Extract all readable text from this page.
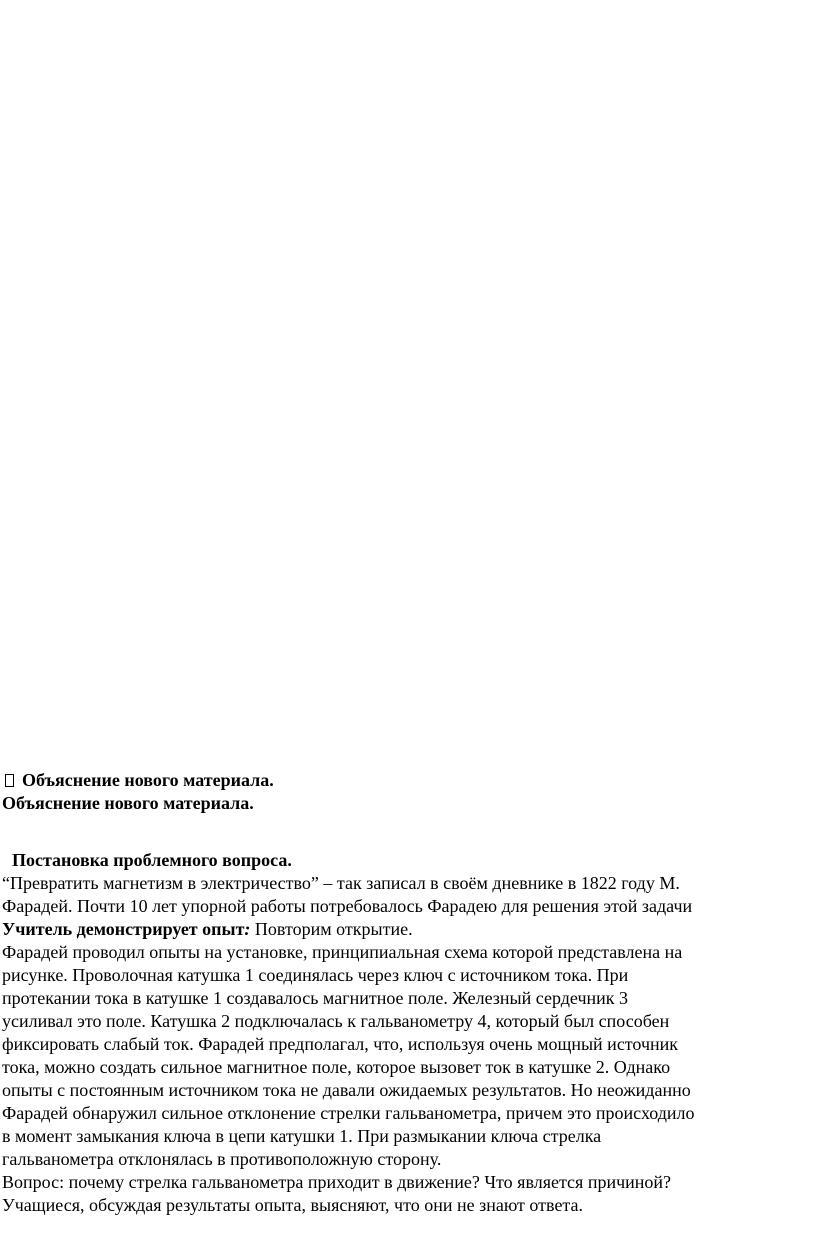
Объяснение нового материала.
Объяснение нового материала.
Постановка проблемного вопроса.
“Превратить магнетизм в электричество” – так записал в своём дневнике в 1822 году М.
Фарадей. Почти 10 лет упорной работы потребовалось Фарадею для решения этой задачи
Учитель демонстрирует опыт: Повторим открытие.
Фарадей проводил опыты на установке, принципиальная схема которой представлена на
рисунке. Проволочная катушка 1 соединялась через ключ с источником тока. При
протекании тока в катушке 1 создавалось магнитное поле. Железный сердечник 3
усиливал это поле. Катушка 2 подключалась к гальванометру 4, который был способен
фиксировать слабый ток. Фарадей предполагал, что, используя очень мощный источник
тока, можно создать сильное магнитное поле, которое вызовет ток в катушке 2. Однако
опыты с постоянным источником тока не давали ожидаемых результатов. Но неожиданно
Фарадей обнаружил сильное отклонение стрелки гальванометра, причем это происходило
в момент замыкания ключа в цепи катушки 1. При размыкании ключа стрелка
гальванометра отклонялась в противоположную сторону.
Вопрос: почему стрелка гальванометра приходит в движение? Что является причиной?
Учащиеся, обсуждая результаты опыта, выясняют, что они не знают ответа.
